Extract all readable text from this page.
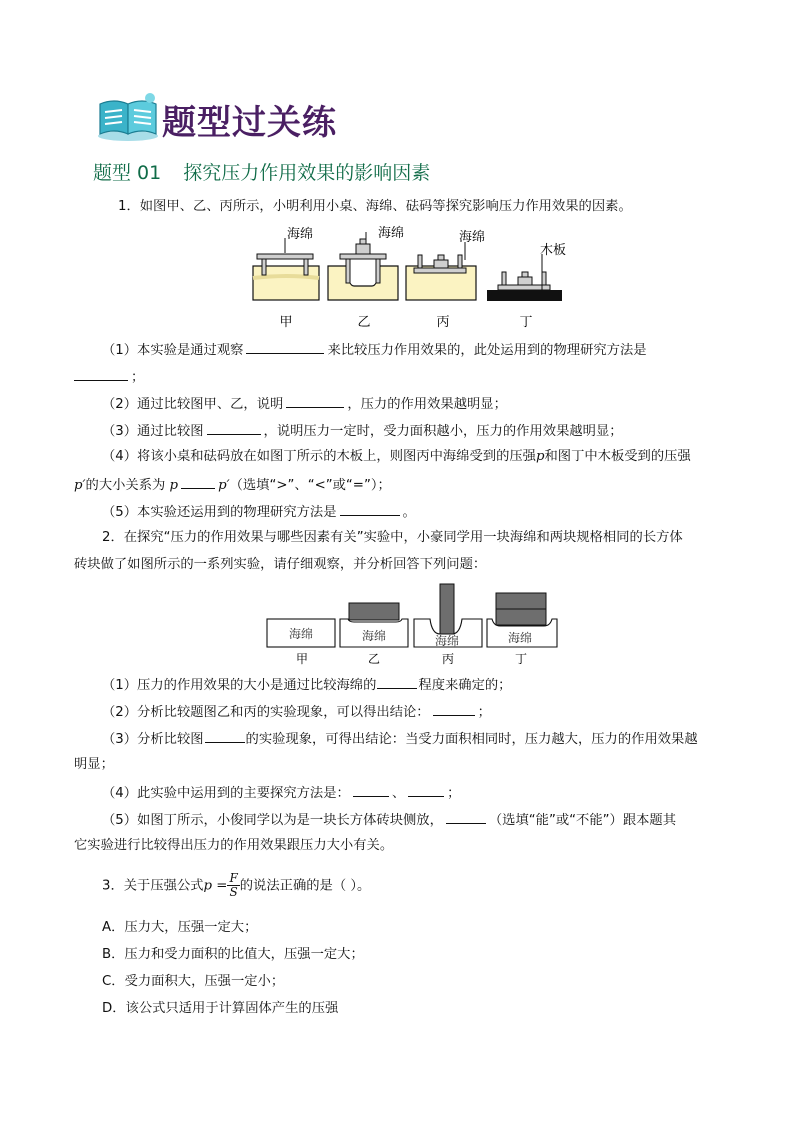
题型过关练
题型 01 探究压力作用效果的影响因素
1．如图甲、乙、丙所示，小明利用小桌、海绵、砝码等探究影响压力作用效果的因素。
海绵	海绵	海绵
木板
甲	乙	丙	丁
（1）本实验是通过观察	来比较压力作用效果的，此处运用到的物理研究方法是
；
（2）通过比较图甲、乙，说明	，压力的作用效果越明显；
（3）通过比较图	，说明压力一定时，受力面积越小，压力的作用效果越明显；
（4）将该小桌和砝码放在如图丁所示的木板上，则图丙中海绵受到的压强p和图丁中木板受到的压强
p′的大小关系为 p	p′（选填“>”、“<”或“=”）；
（5）本实验还运用到的物理研究方法是	。
2．在探究“压力的作用效果与哪些因素有关”实验中，小豪同学用一块海绵和两块规格相同的长方体
砖块做了如图所示的一系列实验，请仔细观察，并分析回答下列问题：
海绵	海绵	海绵	海绵
甲	乙	丙	丁
（1）压力的作用效果的大小是通过比较海绵的	程度来确定的；
（2）分析比较题图乙和丙的实验现象，可以得出结论：	；
（3）分析比较图	的实验现象，可得出结论：当受力面积相同时，压力越大，压力的作用效果越
明显；
（4）此实验中运用到的主要探究方法是：	、	；
（5）如图丁所示，小俊同学以为是一块长方体砖块侧放，	（选填“能”或“不能”）跟本题其
它实验进行比较得出压力的作用效果跟压力大小有关。
3．关于压强公式$p = \frac{F}{S}$ 的说法正确的是（ ）。
A．压力大，压强一定大；
B．压力和受力面积的比值大，压强一定大；
C．受力面积大，压强一定小；
D．该公式只适用于计算固体产生的压强
